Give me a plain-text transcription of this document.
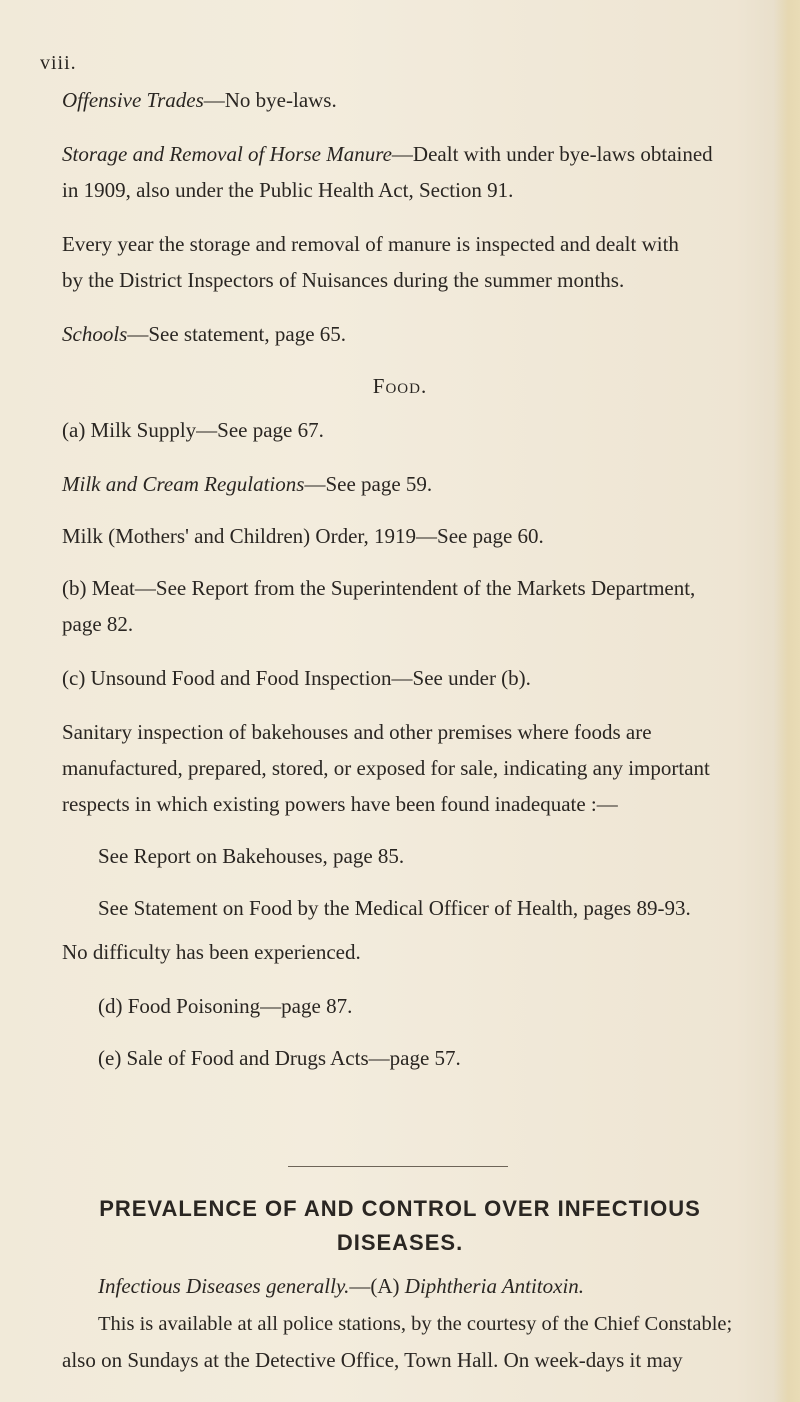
viii.

Offensive Trades—No bye-laws.

Storage and Removal of Horse Manure—Dealt with under bye-laws obtained

in 1909, also under the Public Health Act, Section 91.

Every year the storage and removal of manure is inspected and dealt with

by the District Inspectors of Nuisances during the summer months.

Schools—See statement, page 65.

Food.

(a) Milk Supply—See page 67.

Milk and Cream Regulations—See page 59.

Milk (Mothers' and Children) Order, 1919—See page 60.

(b) Meat—See Report from the Superintendent of the Markets Department,

page 82.

(c) Unsound Food and Food Inspection—See under (b).

Sanitary inspection of bakehouses and other premises where foods are

manufactured, prepared, stored, or exposed for sale, indicating any important

respects in which existing powers have been found inadequate :—

See Report on Bakehouses, page 85.

See Statement on Food by the Medical Officer of Health, pages 89-93.

No difficulty has been experienced.

(d) Food Poisoning—page 87.

(e) Sale of Food and Drugs Acts—page 57.

PREVALENCE OF AND CONTROL OVER INFECTIOUS

DISEASES.

Infectious Diseases generally.—(A) Diphtheria Antitoxin.

This is available at all police stations, by the courtesy of the Chief Constable;

also on Sundays at the Detective Office, Town Hall. On week-days it may
